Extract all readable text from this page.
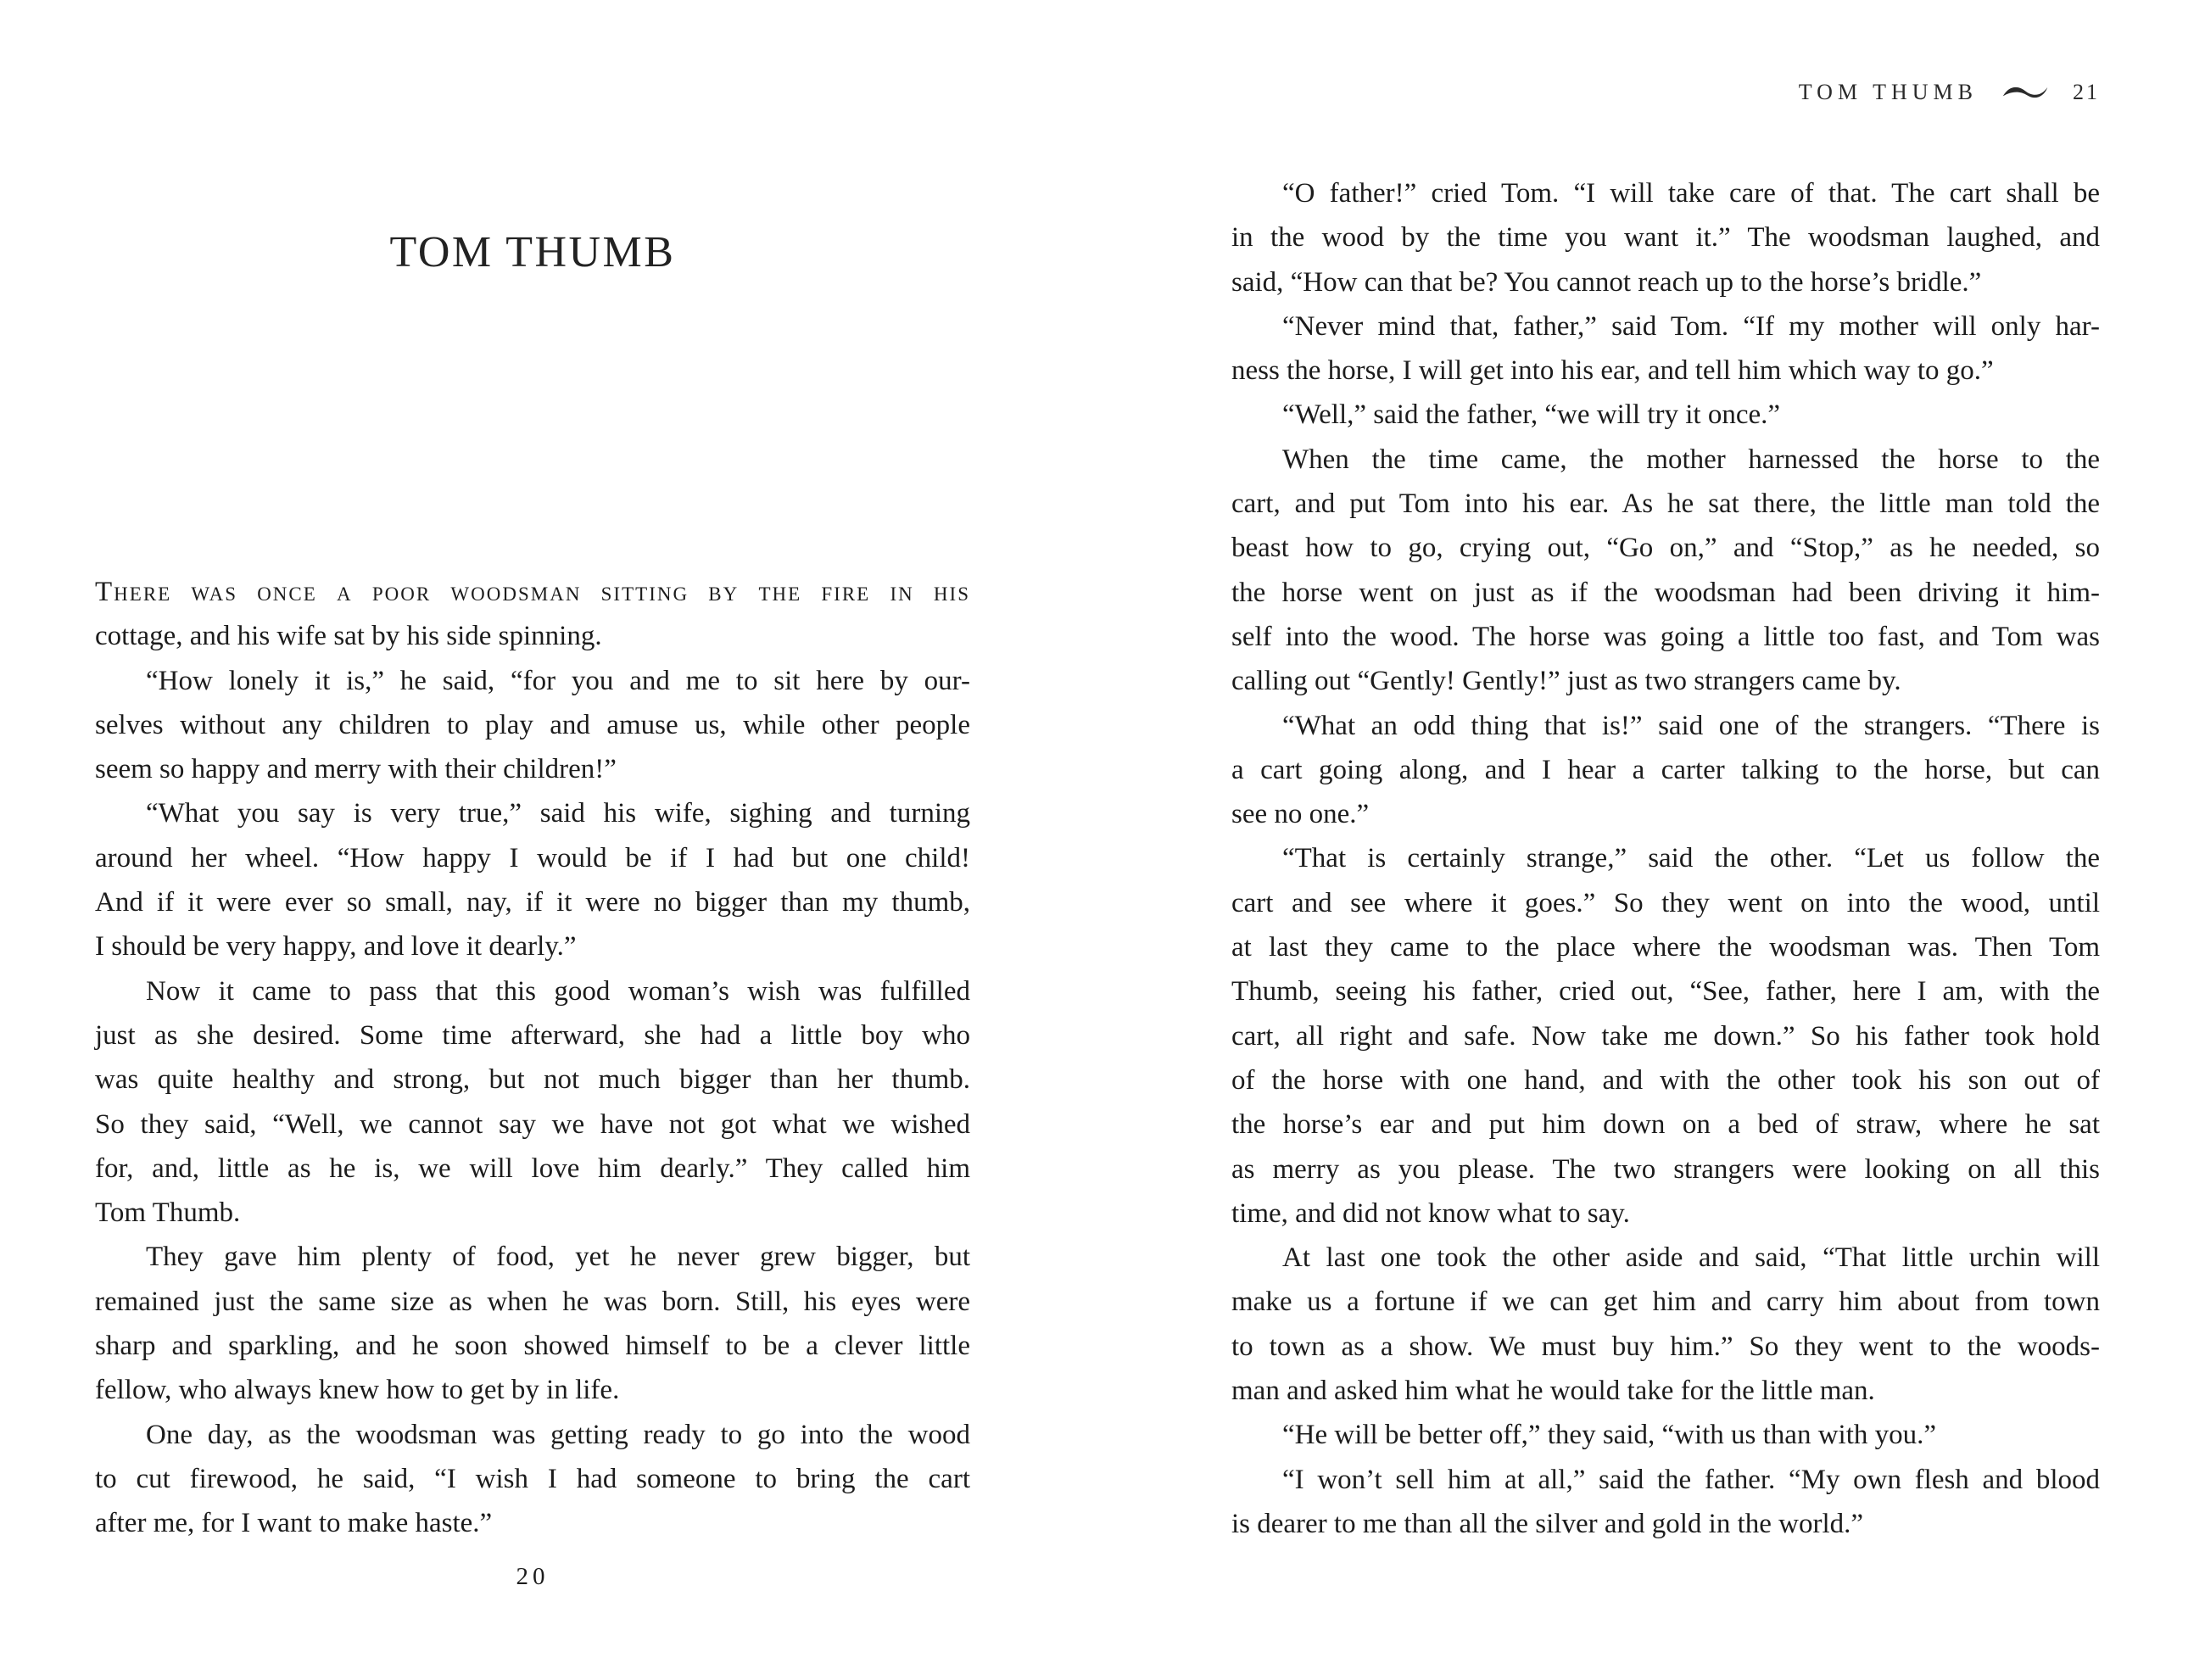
TOM THUMB
There was once a poor woodsman sitting by the fire in his
cottage, and his wife sat by his side spinning.
“How lonely it is,” he said, “for you and me to sit here by our-
selves without any children to play and amuse us, while other people
seem so happy and merry with their children!”
“What you say is very true,” said his wife, sighing and turning
around her wheel. “How happy I would be if I had but one child!
And if it were ever so small, nay, if it were no bigger than my thumb,
I should be very happy, and love it dearly.”
Now it came to pass that this good woman’s wish was fulfilled
just as she desired. Some time afterward, she had a little boy who
was quite healthy and strong, but not much bigger than her thumb.
So they said, “Well, we cannot say we have not got what we wished
for, and, little as he is, we will love him dearly.” They called him
Tom Thumb.
They gave him plenty of food, yet he never grew bigger, but
remained just the same size as when he was born. Still, his eyes were
sharp and sparkling, and he soon showed himself to be a clever little
fellow, who always knew how to get by in life.
One day, as the woodsman was getting ready to go into the wood
to cut firewood, he said, “I wish I had someone to bring the cart
after me, for I want to make haste.”
20
TOM THUMB	21
“O father!” cried Tom. “I will take care of that. The cart shall be
in the wood by the time you want it.” The woodsman laughed, and
said, “How can that be? You cannot reach up to the horse’s bridle.”
“Never mind that, father,” said Tom. “If my mother will only har-
ness the horse, I will get into his ear, and tell him which way to go.”
“Well,” said the father, “we will try it once.”
When the time came, the mother harnessed the horse to the
cart, and put Tom into his ear. As he sat there, the little man told the
beast how to go, crying out, “Go on,” and “Stop,” as he needed, so
the horse went on just as if the woodsman had been driving it him-
self into the wood. The horse was going a little too fast, and Tom was
calling out “Gently! Gently!” just as two strangers came by.
“What an odd thing that is!” said one of the strangers. “There is
a cart going along, and I hear a carter talking to the horse, but can
see no one.”
“That is certainly strange,” said the other. “Let us follow the
cart and see where it goes.” So they went on into the wood, until
at last they came to the place where the woodsman was. Then Tom
Thumb, seeing his father, cried out, “See, father, here I am, with the
cart, all right and safe. Now take me down.” So his father took hold
of the horse with one hand, and with the other took his son out of
the horse’s ear and put him down on a bed of straw, where he sat
as merry as you please. The two strangers were looking on all this
time, and did not know what to say.
At last one took the other aside and said, “That little urchin will
make us a fortune if we can get him and carry him about from town
to town as a show. We must buy him.” So they went to the woods-
man and asked him what he would take for the little man.
“He will be better off,” they said, “with us than with you.”
“I won’t sell him at all,” said the father. “My own flesh and blood
is dearer to me than all the silver and gold in the world.”
